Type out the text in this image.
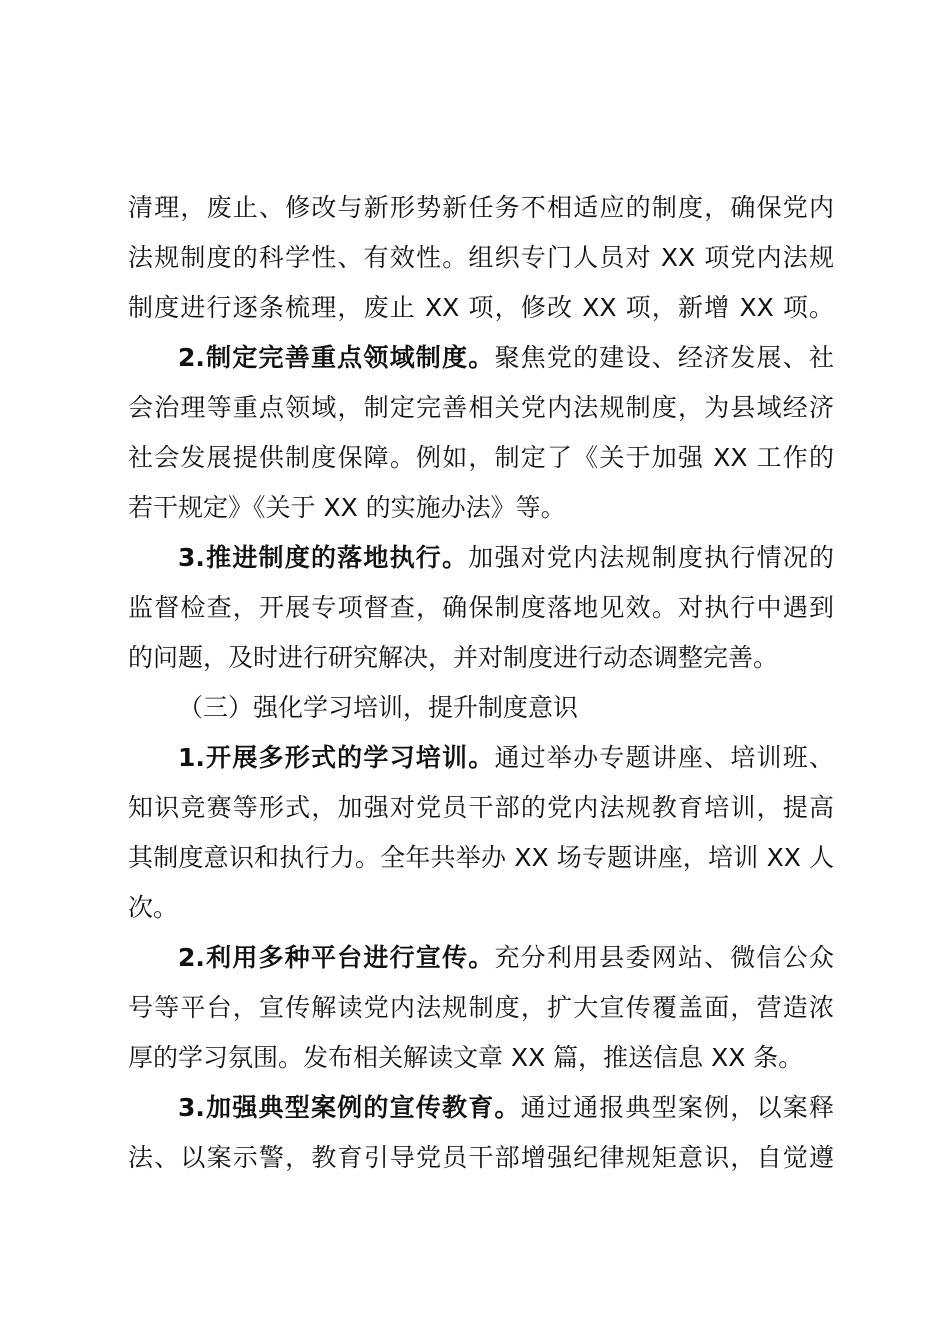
清理，废止、修改与新形势新任务不相适应的制度，确保党内
法规制度的科学性、有效性。组织专门人员对 XX 项党内法规
制度进行逐条梳理，废止 XX 项，修改 XX 项，新增 XX 项。
2.制定完善重点领域制度。聚焦党的建设、经济发展、社
会治理等重点领域，制定完善相关党内法规制度，为县域经济
社会发展提供制度保障。例如，制定了《关于加强 XX 工作的
若干规定》《关于 XX 的实施办法》等。
3.推进制度的落地执行。加强对党内法规制度执行情况的
监督检查，开展专项督查，确保制度落地见效。对执行中遇到
的问题，及时进行研究解决，并对制度进行动态调整完善。
（三）强化学习培训，提升制度意识
1.开展多形式的学习培训。通过举办专题讲座、培训班、
知识竞赛等形式，加强对党员干部的党内法规教育培训，提高
其制度意识和执行力。全年共举办 XX 场专题讲座，培训 XX 人
次。
2.利用多种平台进行宣传。充分利用县委网站、微信公众
号等平台，宣传解读党内法规制度，扩大宣传覆盖面，营造浓
厚的学习氛围。发布相关解读文章 XX 篇，推送信息 XX 条。
3.加强典型案例的宣传教育。通过通报典型案例，以案释
法、以案示警，教育引导党员干部增强纪律规矩意识，自觉遵
